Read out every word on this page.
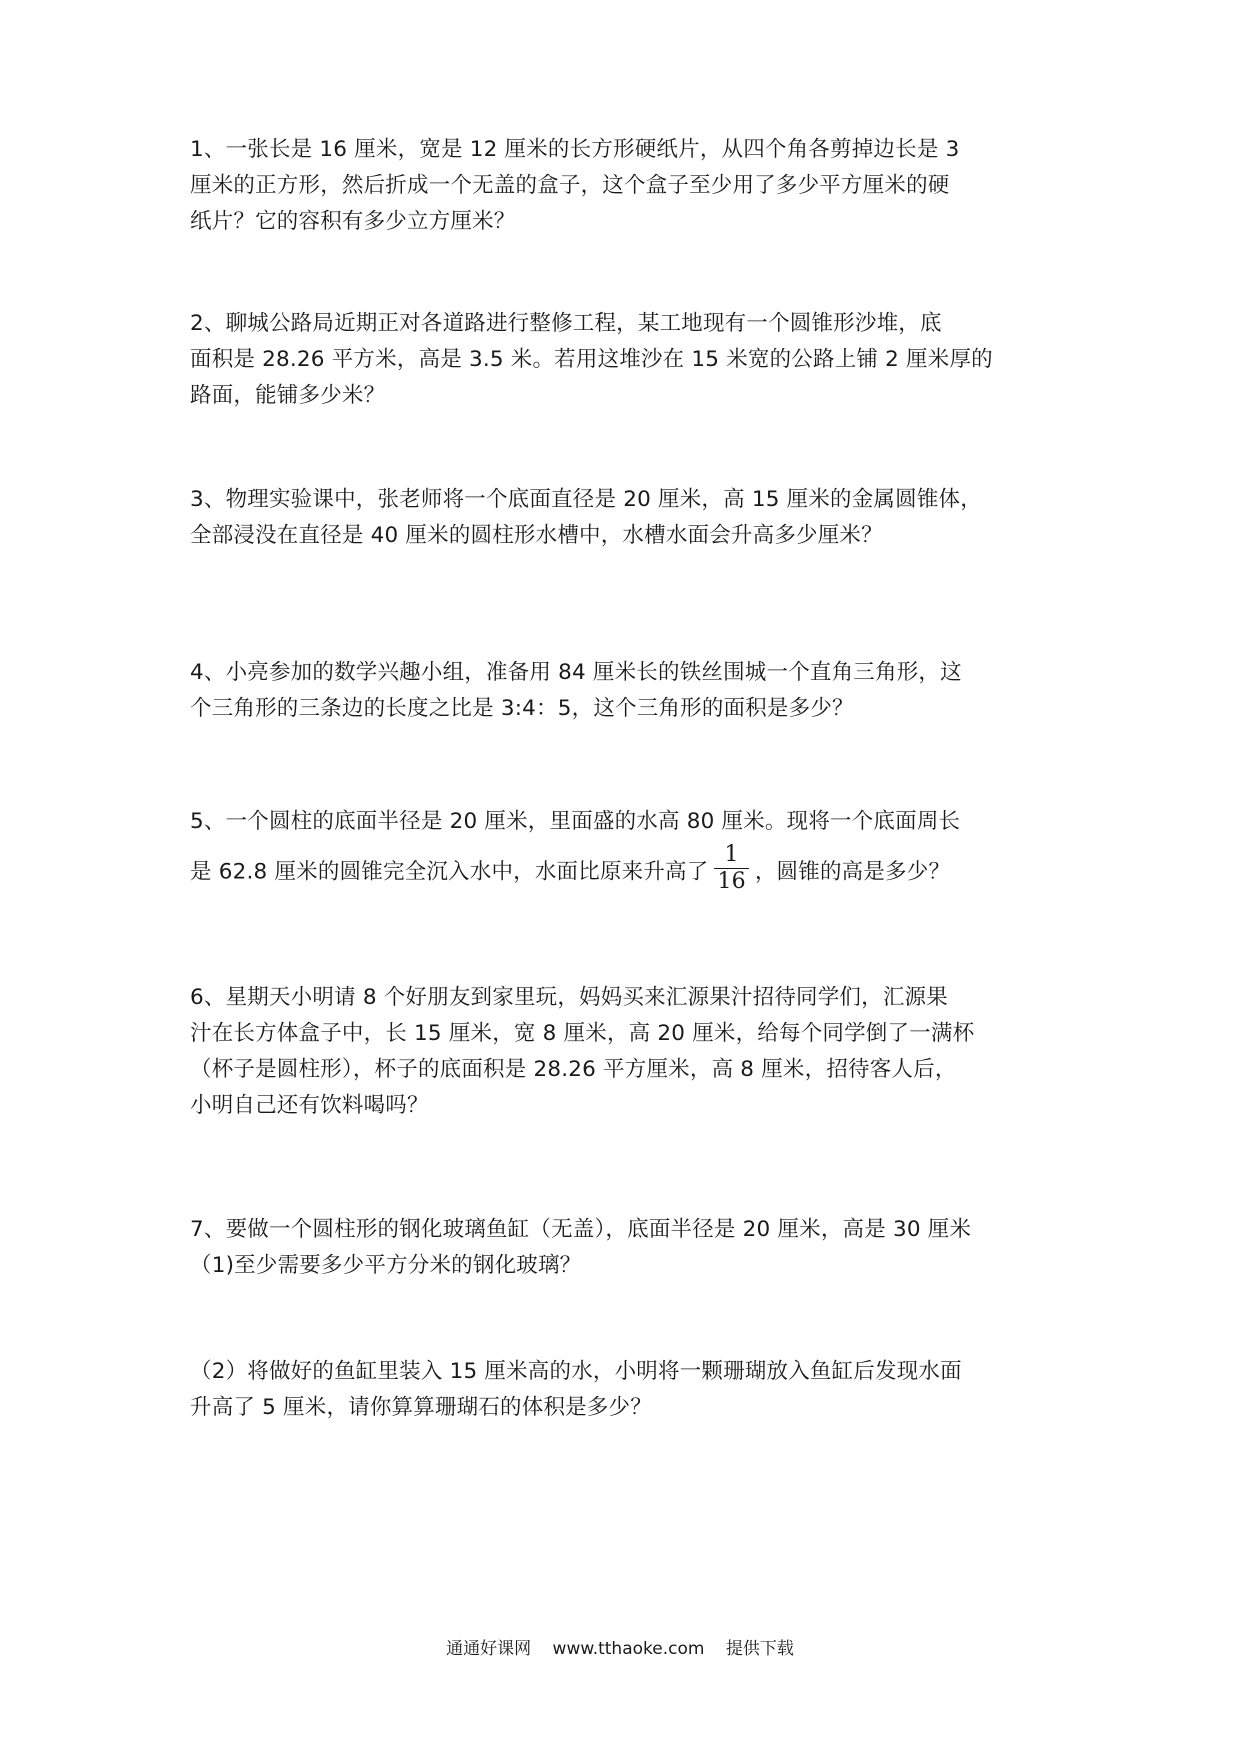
1、一张长是 16 厘米，宽是 12 厘米的长方形硬纸片，从四个角各剪掉边长是 3

厘米的正方形，然后折成一个无盖的盒子，这个盒子至少用了多少平方厘米的硬

纸片？它的容积有多少立方厘米？

2、聊城公路局近期正对各道路进行整修工程，某工地现有一个圆锥形沙堆，底

面积是 28.26 平方米，高是 3.5 米。若用这堆沙在 15 米宽的公路上铺 2 厘米厚的

路面，能铺多少米？

3、物理实验课中，张老师将一个底面直径是 20 厘米，高 15 厘米的金属圆锥体，

全部浸没在直径是 40 厘米的圆柱形水槽中，水槽水面会升高多少厘米？

4、小亮参加的数学兴趣小组，准备用 84 厘米长的铁丝围城一个直角三角形，这

个三角形的三条边的长度之比是 3:4：5，这个三角形的面积是多少？

5、一个圆柱的底面半径是 20 厘米，里面盛的水高 80 厘米。现将一个底面周长

是 62.8 厘米的圆锥完全沉入水中，水面比原来升高了 $\frac{1}{16}$ ，圆锥的高是多少？

6、星期天小明请 8 个好朋友到家里玩，妈妈买来汇源果汁招待同学们，汇源果

汁在长方体盒子中，长 15 厘米，宽 8 厘米，高 20 厘米，给每个同学倒了一满杯

（杯子是圆柱形），杯子的底面积是 28.26 平方厘米，高 8 厘米，招待客人后，

小明自己还有饮料喝吗？

7、要做一个圆柱形的钢化玻璃鱼缸（无盖），底面半径是 20 厘米，高是 30 厘米

（1)至少需要多少平方分米的钢化玻璃？

（2）将做好的鱼缸里装入 15 厘米高的水，小明将一颗珊瑚放入鱼缸后发现水面

升高了 5 厘米，请你算算珊瑚石的体积是多少？

通通好课网 www.tthaoke.com 提供下载
